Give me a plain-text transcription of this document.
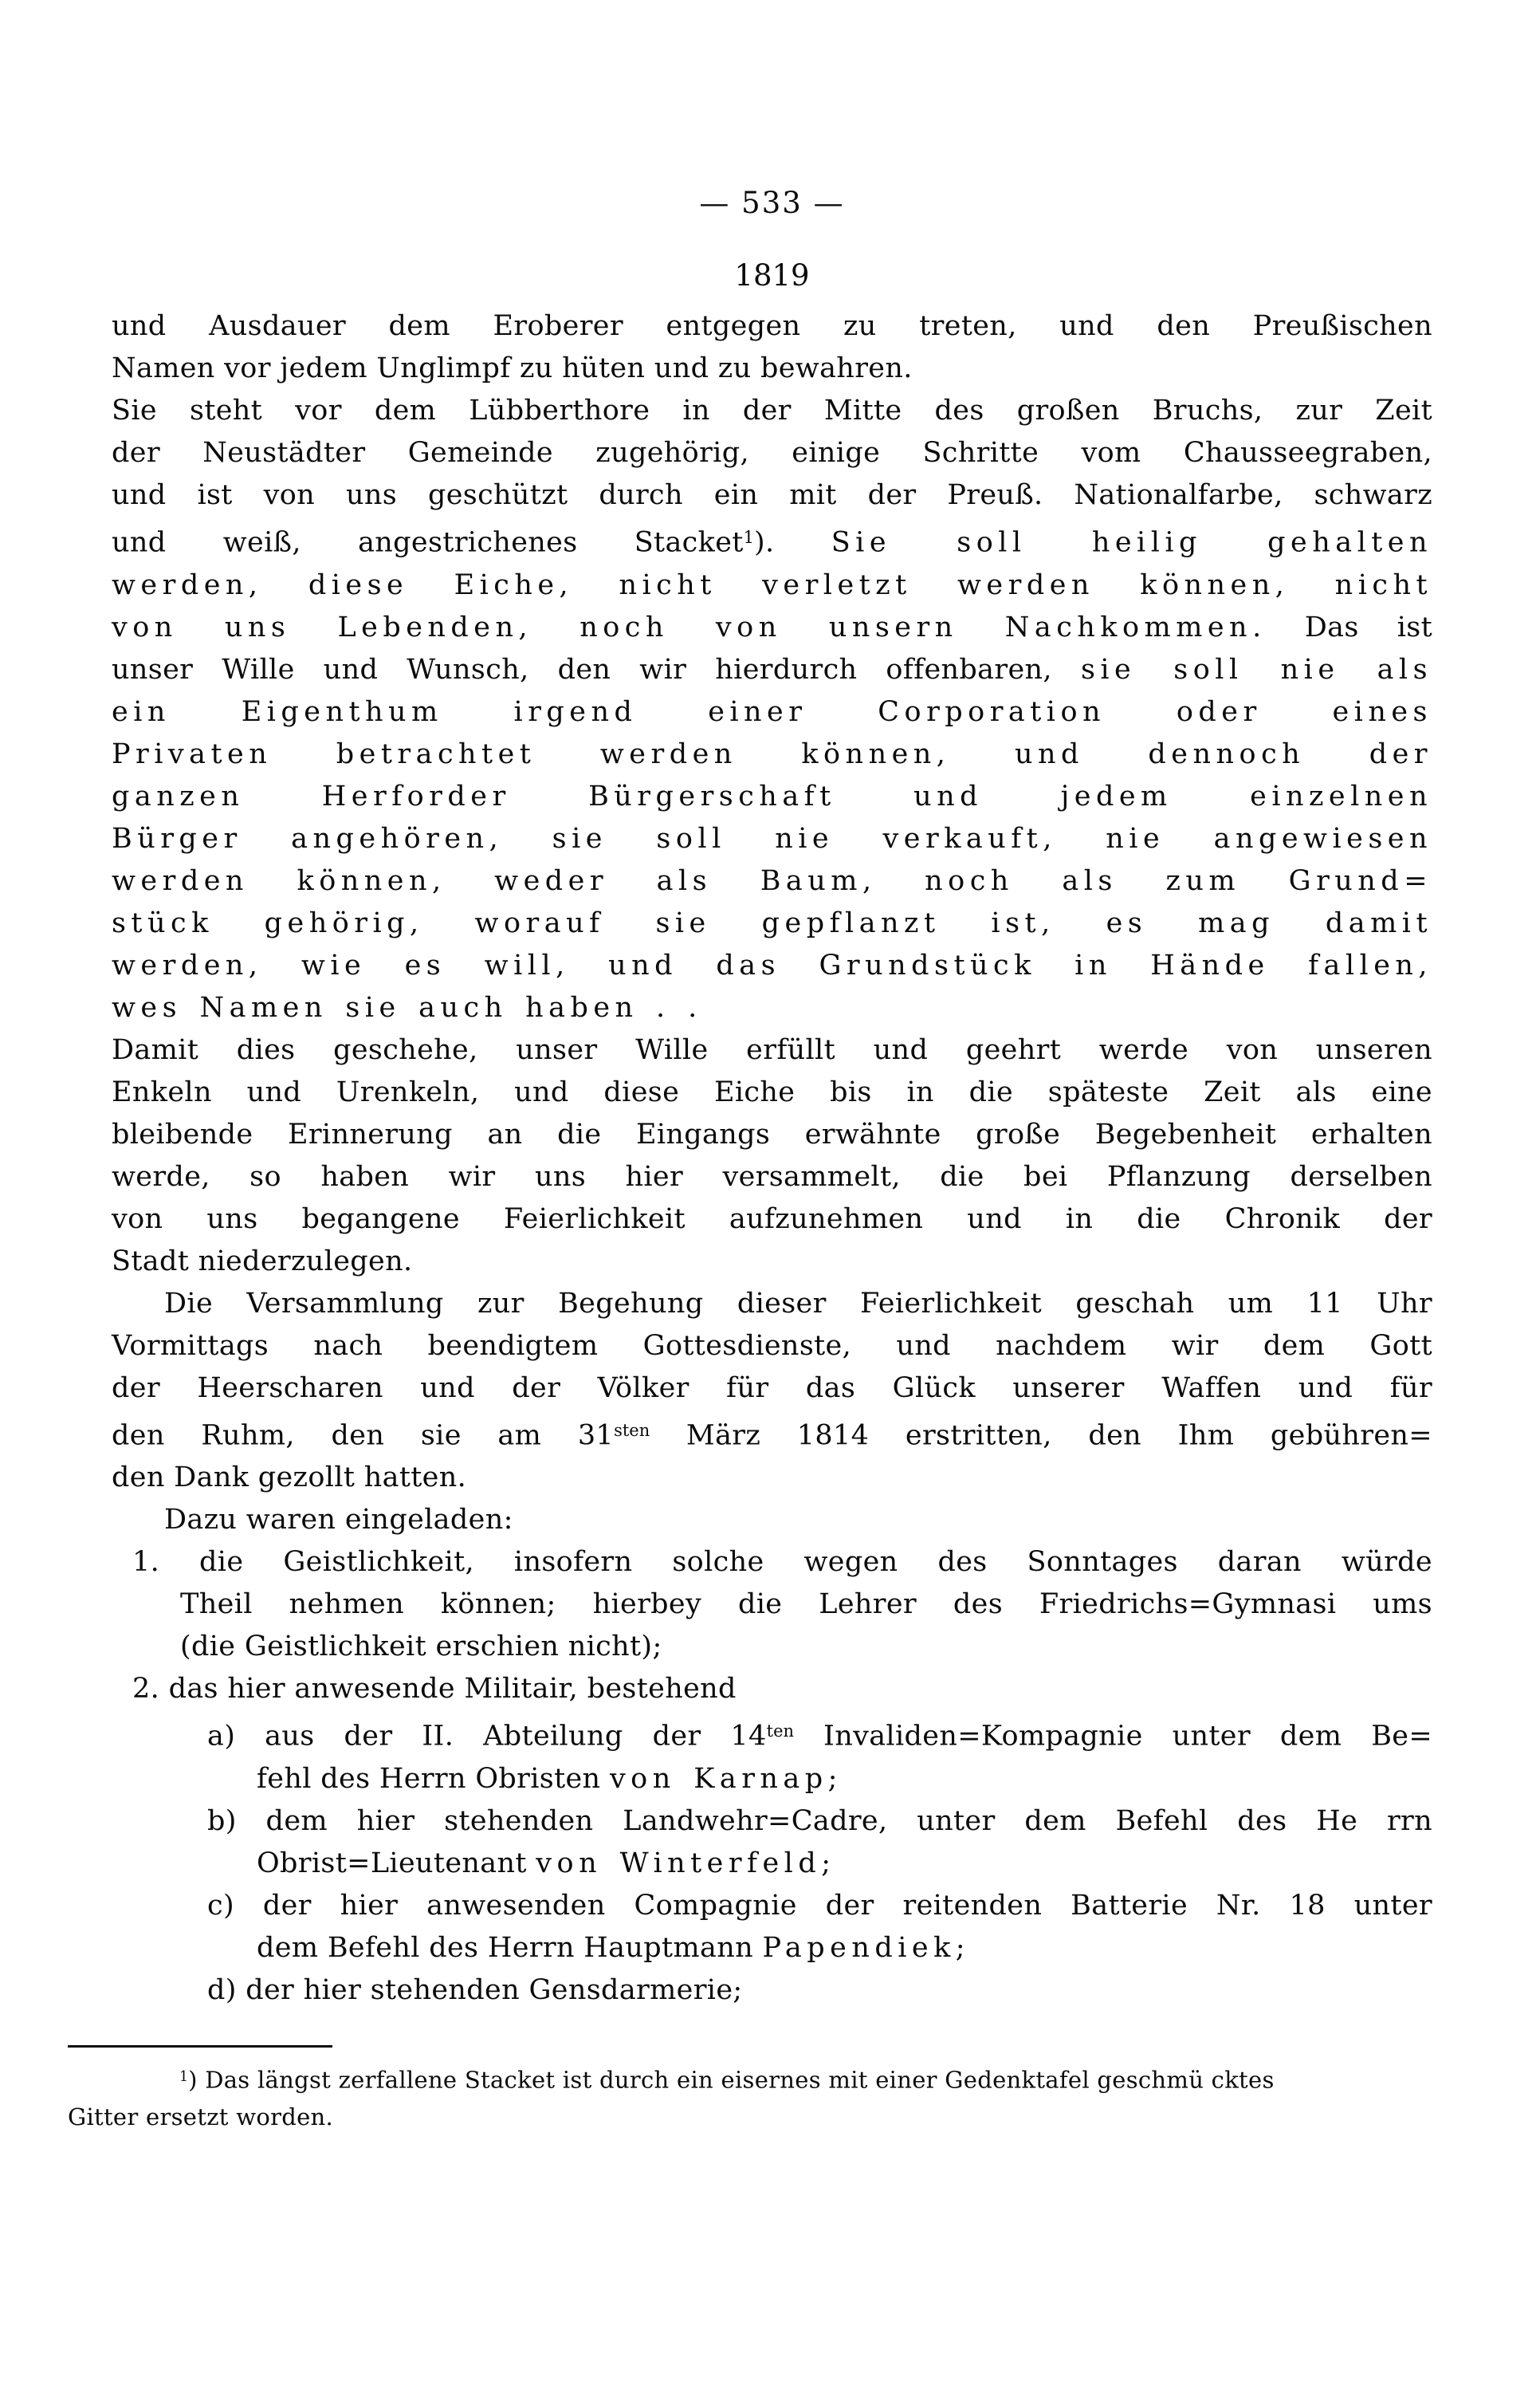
— 533 —
1819
und Ausdauer dem Eroberer entgegen zu treten, und den Preußischen
Namen vor jedem Unglimpf zu hüten und zu bewahren.
Sie steht vor dem Lübberthore in der Mitte des großen Bruchs, zur Zeit
der Neustädter Gemeinde zugehörig, einige Schritte vom Chausseegraben,
und ist von uns geschützt durch ein mit der Preuß. Nationalfarbe, schwarz
und weiß, angestrichenes Stacket$^1$). Sie soll heilig gehalten
werden, diese Eiche, nicht verletzt werden können, nicht
von uns Lebenden, noch von unsern Nachkommen. Das ist
unser Wille und Wunsch, den wir hierdurch offenbaren, sie soll nie als
ein Eigenthum irgend einer Corporation oder eines
Privaten betrachtet werden können, und dennoch der
ganzen Herforder Bürgerschaft und jedem einzelnen
Bürger angehören, sie soll nie verkauft, nie angewiesen
werden können, weder als Baum, noch als zum Grund=
stück gehörig, worauf sie gepflanzt ist, es mag damit
werden, wie es will, und das Grundstück in Hände fallen,
wes Namen sie auch haben . .
Damit dies geschehe, unser Wille erfüllt und geehrt werde von unseren
Enkeln und Urenkeln, und diese Eiche bis in die späteste Zeit als eine
bleibende Erinnerung an die Eingangs erwähnte große Begebenheit erhalten
werde, so haben wir uns hier versammelt, die bei Pflanzung derselben
von uns begangene Feierlichkeit aufzunehmen und in die Chronik der
Stadt niederzulegen.
Die Versammlung zur Begehung dieser Feierlichkeit geschah um 11 Uhr
Vormittags nach beendigtem Gottesdienste, und nachdem wir dem Gott
der Heerscharen und der Völker für das Glück unserer Waffen und für
den Ruhm, den sie am $31^{sten}$ März 1814 erstritten, den Ihm gebühren=
den Dank gezollt hatten.
Dazu waren eingeladen:
1. die Geistlichkeit, insofern solche wegen des Sonntages daran würde
Theil nehmen können; hierbey die Lehrer des Friedrichs=Gymnasi ums
(die Geistlichkeit erschien nicht);
2. das hier anwesende Militair, bestehend
a) aus der II. Abteilung der $14^{ten}$ Invaliden=Kompagnie unter dem Be=
fehl des Herrn Obristen von Karnap;
b) dem hier stehenden Landwehr=Cadre, unter dem Befehl des He rrn
Obrist=Lieutenant von Winterfeld;
c) der hier anwesenden Compagnie der reitenden Batterie Nr. 18 unter
dem Befehl des Herrn Hauptmann Papendiek;
d) der hier stehenden Gensdarmerie;
$^1$) Das längst zerfallene Stacket ist durch ein eisernes mit einer Gedenktafel geschmü cktes
Gitter ersetzt worden.
